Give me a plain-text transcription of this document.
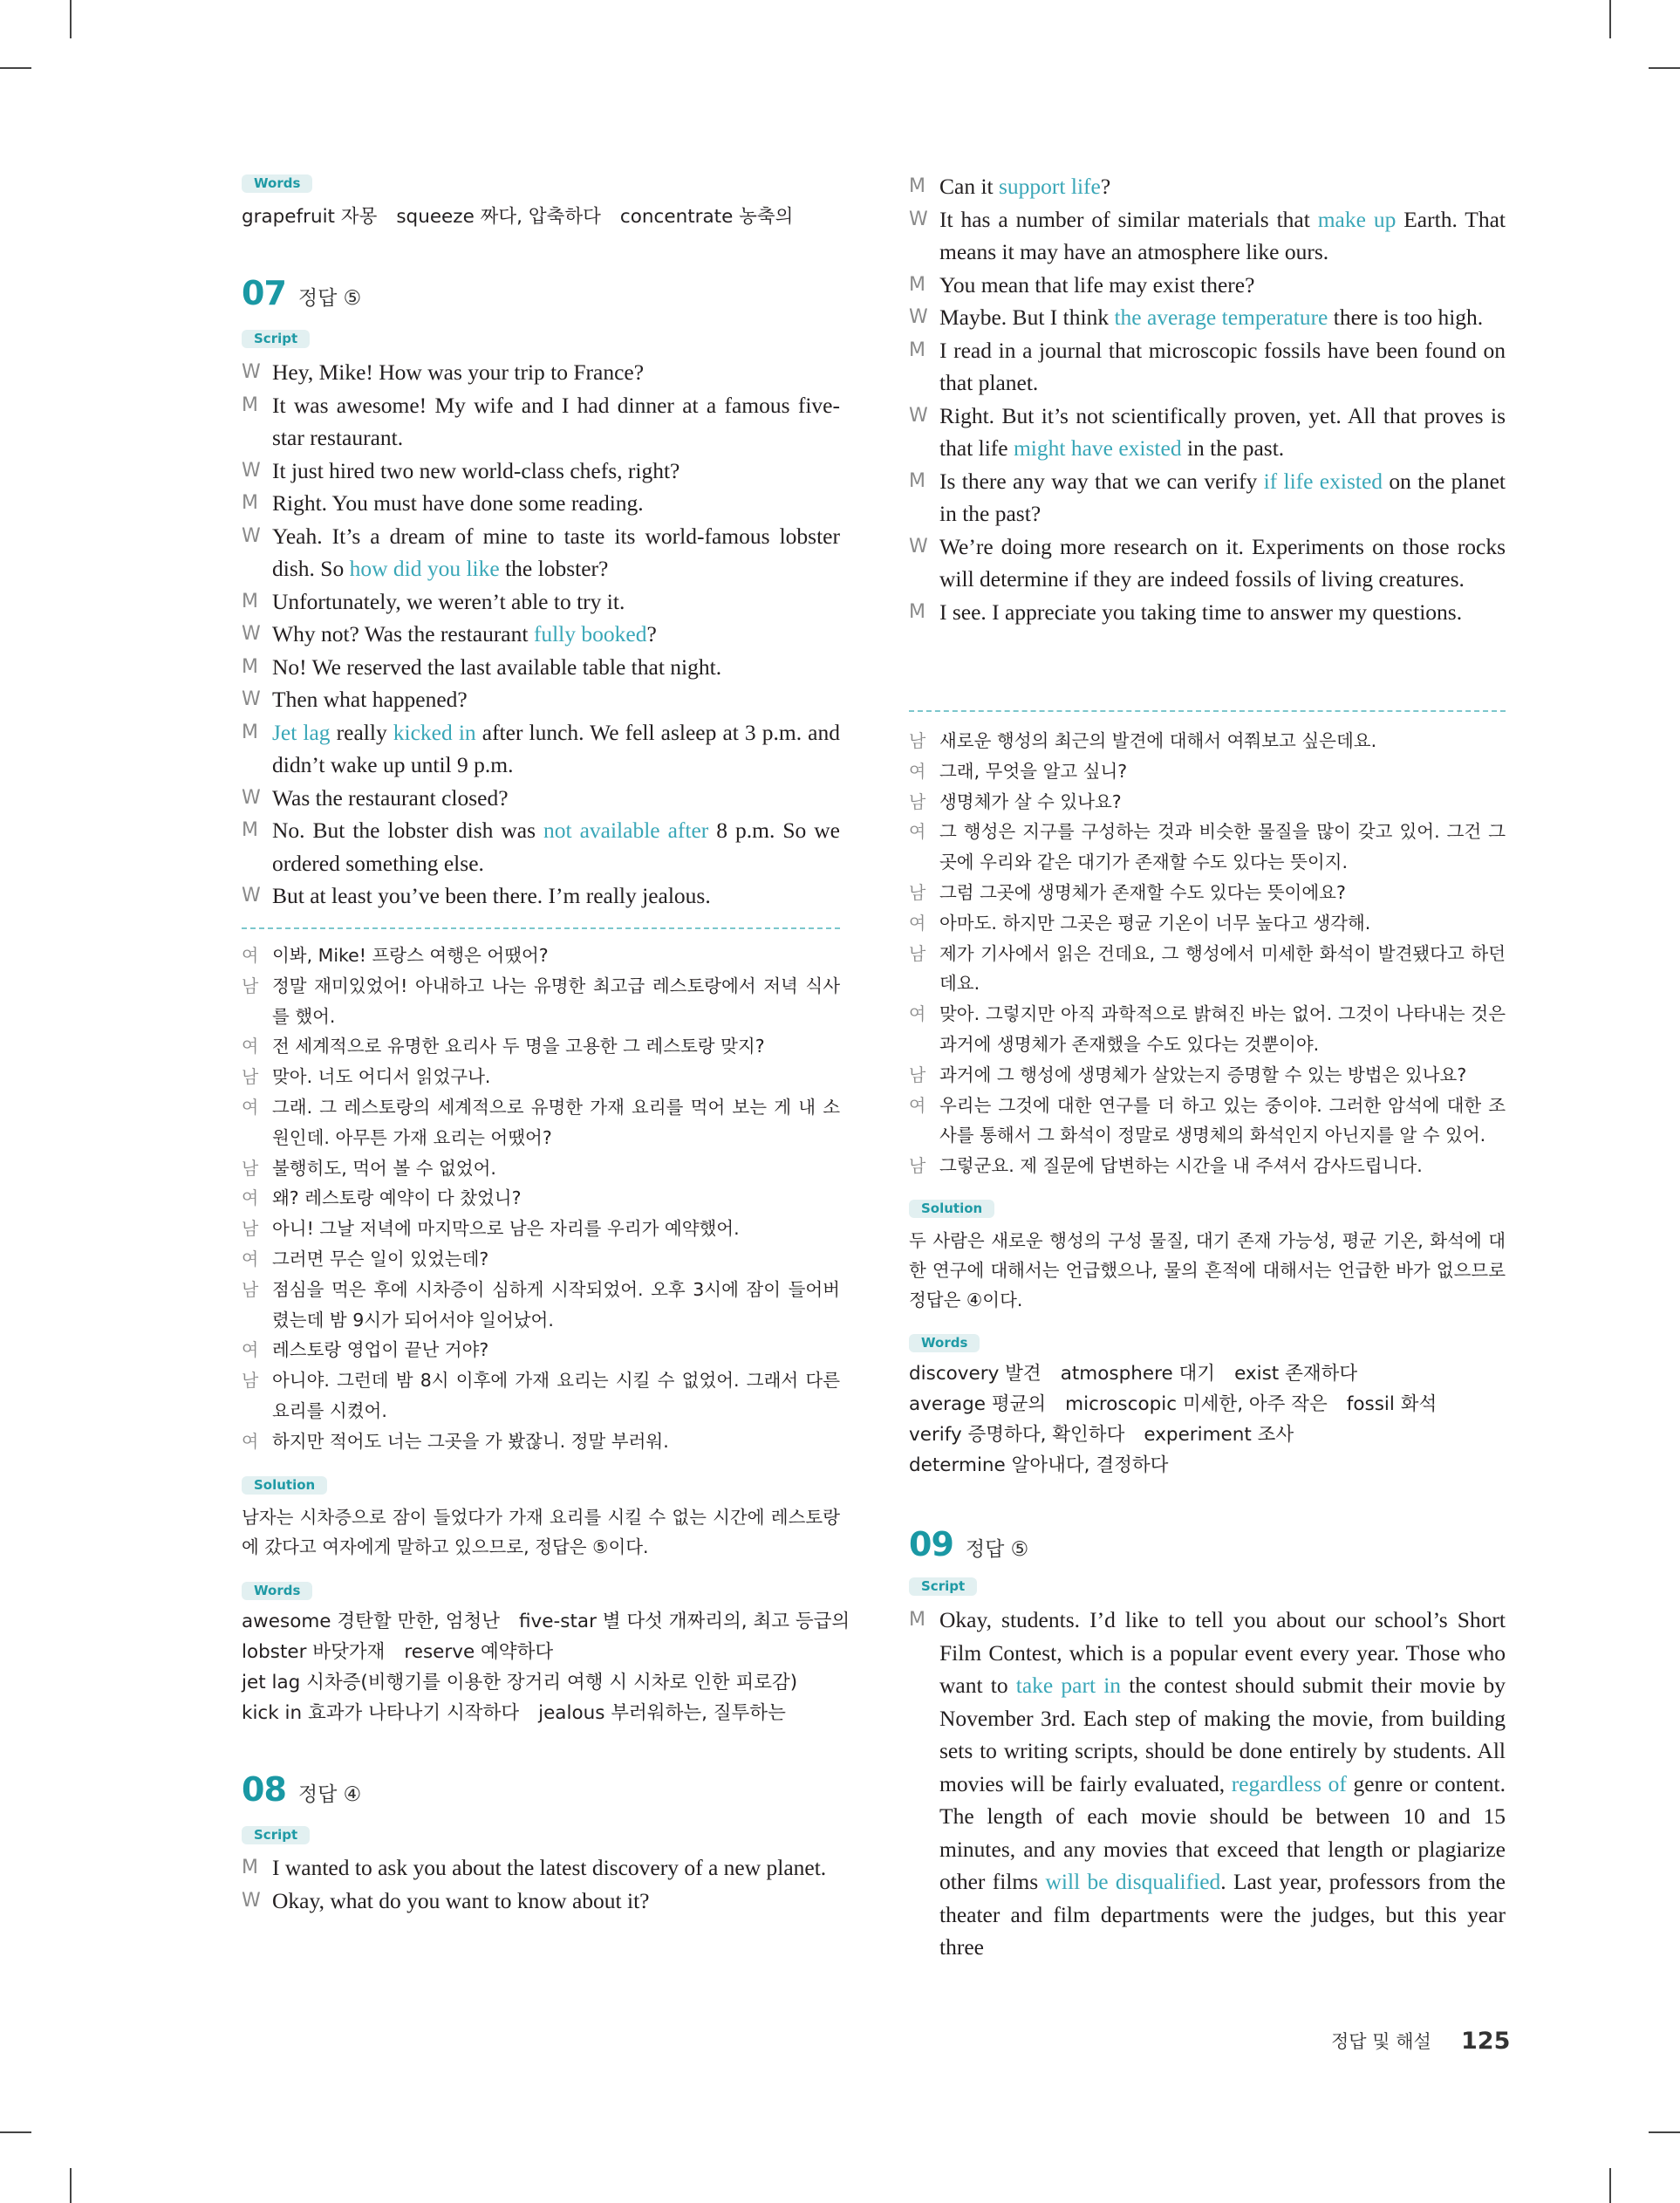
Words
grapefruit 자몽 squeeze 짜다, 압축하다 concentrate 농축의
07 정답 ⑤
Script
W Hey, Mike! How was your trip to France?
M It was awesome! My wife and I had dinner at a famous five-star restaurant.
W It just hired two new world-class chefs, right?
M Right. You must have done some reading.
W Yeah. It’s a dream of mine to taste its world-famous lobster dish. So how did you like the lobster?
M Unfortunately, we weren’t able to try it.
W Why not? Was the restaurant fully booked?
M No! We reserved the last available table that night.
W Then what happened?
M Jet lag really kicked in after lunch. We fell asleep at 3 p.m. and didn’t wake up until 9 p.m.
W Was the restaurant closed?
M No. But the lobster dish was not available after 8 p.m. So we ordered something else.
W But at least you’ve been there. I’m really jealous.
여 이봐, Mike! 프랑스 여행은 어땠어?
남 정말 재미있었어! 아내하고 나는 유명한 최고급 레스토랑에서 저녁 식사를 했어.
여 전 세계적으로 유명한 요리사 두 명을 고용한 그 레스토랑 맞지?
남 맞아. 너도 어디서 읽었구나.
여 그래. 그 레스토랑의 세계적으로 유명한 가재 요리를 먹어 보는 게 내 소원인데. 아무튼 가재 요리는 어땠어?
남 불행히도, 먹어 볼 수 없었어.
여 왜? 레스토랑 예약이 다 찼었니?
남 아니! 그날 저녁에 마지막으로 남은 자리를 우리가 예약했어.
여 그러면 무슨 일이 있었는데?
남 점심을 먹은 후에 시차증이 심하게 시작되었어. 오후 3시에 잠이 들어버렸는데 밤 9시가 되어서야 일어났어.
여 레스토랑 영업이 끝난 거야?
남 아니야. 그런데 밤 8시 이후에 가재 요리는 시킬 수 없었어. 그래서 다른 요리를 시켰어.
여 하지만 적어도 너는 그곳을 가 봤잖니. 정말 부러워.
Solution
남자는 시차증으로 잠이 들었다가 가재 요리를 시킬 수 없는 시간에 레스토랑에 갔다고 여자에게 말하고 있으므로, 정답은 ⑤이다.
Words
awesome 경탄할 만한, 엄청난 five-star 별 다섯 개짜리의, 최고 등급의
lobster 바닷가재 reserve 예약하다
jet lag 시차증(비행기를 이용한 장거리 여행 시 시차로 인한 피로감)
kick in 효과가 나타나기 시작하다 jealous 부러워하는, 질투하는
08 정답 ④
Script
M I wanted to ask you about the latest discovery of a new planet.
W Okay, what do you want to know about it?
M Can it support life?
W It has a number of similar materials that make up Earth. That means it may have an atmosphere like ours.
M You mean that life may exist there?
W Maybe. But I think the average temperature there is too high.
M I read in a journal that microscopic fossils have been found on that planet.
W Right. But it’s not scientifically proven, yet. All that proves is that life might have existed in the past.
M Is there any way that we can verify if life existed on the planet in the past?
W We’re doing more research on it. Experiments on those rocks will determine if they are indeed fossils of living creatures.
M I see. I appreciate you taking time to answer my questions.
남 새로운 행성의 최근의 발견에 대해서 여쭤보고 싶은데요.
여 그래, 무엇을 알고 싶니?
남 생명체가 살 수 있나요?
여 그 행성은 지구를 구성하는 것과 비슷한 물질을 많이 갖고 있어. 그건 그곳에 우리와 같은 대기가 존재할 수도 있다는 뜻이지.
남 그럼 그곳에 생명체가 존재할 수도 있다는 뜻이에요?
여 아마도. 하지만 그곳은 평균 기온이 너무 높다고 생각해.
남 제가 기사에서 읽은 건데요, 그 행성에서 미세한 화석이 발견됐다고 하던데요.
여 맞아. 그렇지만 아직 과학적으로 밝혀진 바는 없어. 그것이 나타내는 것은 과거에 생명체가 존재했을 수도 있다는 것뿐이야.
남 과거에 그 행성에 생명체가 살았는지 증명할 수 있는 방법은 있나요?
여 우리는 그것에 대한 연구를 더 하고 있는 중이야. 그러한 암석에 대한 조사를 통해서 그 화석이 정말로 생명체의 화석인지 아닌지를 알 수 있어.
남 그렇군요. 제 질문에 답변하는 시간을 내 주셔서 감사드립니다.
Solution
두 사람은 새로운 행성의 구성 물질, 대기 존재 가능성, 평균 기온, 화석에 대한 연구에 대해서는 언급했으나, 물의 흔적에 대해서는 언급한 바가 없으므로 정답은 ④이다.
Words
discovery 발견 atmosphere 대기 exist 존재하다
average 평균의 microscopic 미세한, 아주 작은 fossil 화석
verify 증명하다, 확인하다 experiment 조사
determine 알아내다, 결정하다
09 정답 ⑤
Script
M Okay, students. I’d like to tell you about our school’s Short Film Contest, which is a popular event every year. Those who want to take part in the contest should submit their movie by November 3rd. Each step of making the movie, from building sets to writing scripts, should be done entirely by students. All movies will be fairly evaluated, regardless of genre or content. The length of each movie should be between 10 and 15 minutes, and any movies that exceed that length or plagiarize other films will be disqualified. Last year, professors from the theater and film departments were the judges, but this year three
정답 및 해설 125
